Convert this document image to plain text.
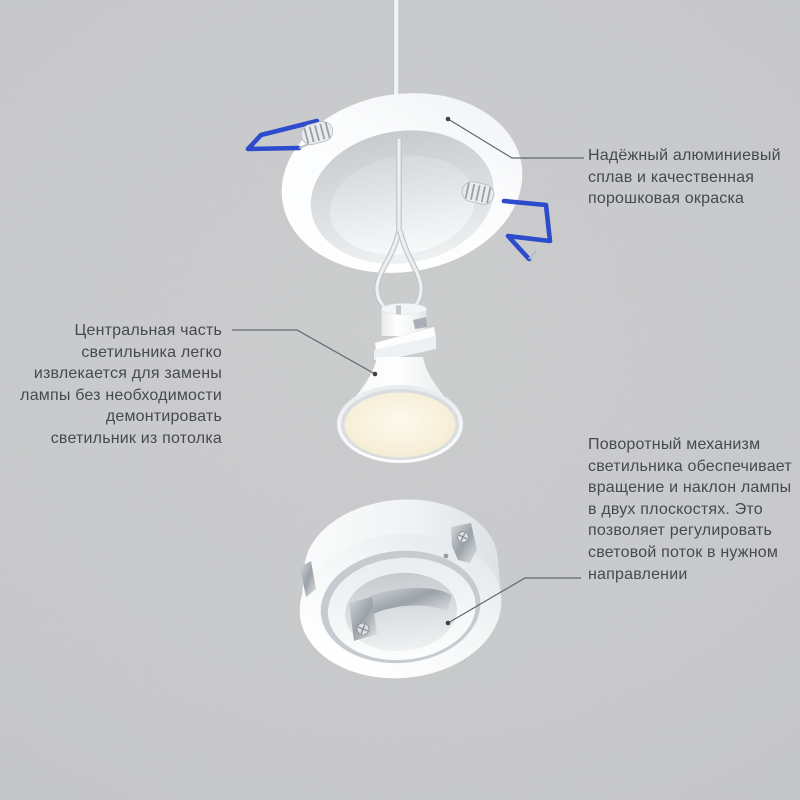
Надёжный алюминиевый
сплав и качественная
порошковая окраска
Центральная часть
светильника легко
извлекается для замены
лампы без необходимости
демонтировать
светильник из потолка	Поворотный механизм
светильника обеспечивает
вращение и наклон лампы
в двух плоскостях. Это
позволяет регулировать
световой поток в нужном
направлении
